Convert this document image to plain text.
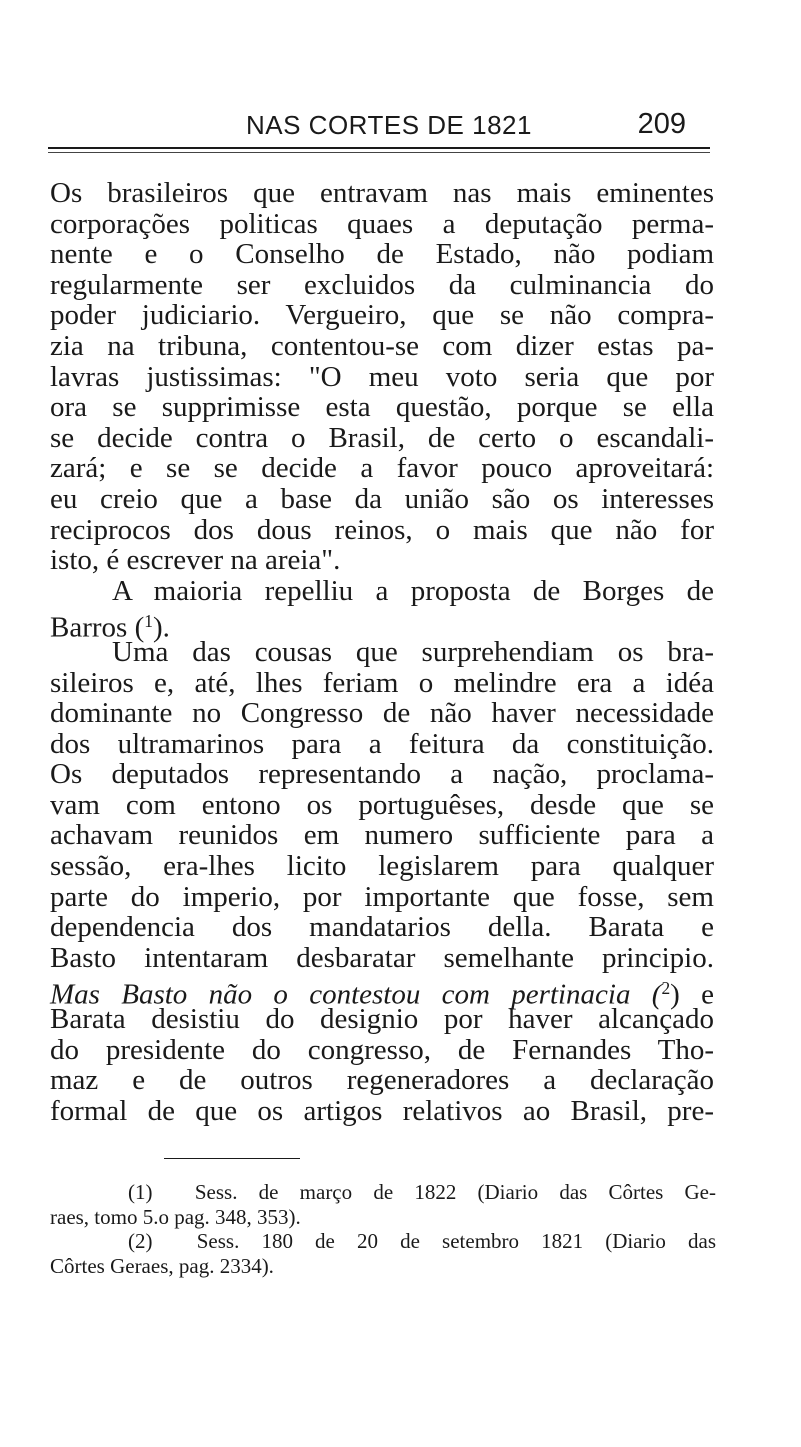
NAS CORTES DE 1821	209
Os brasileiros que entravam nas mais eminentes
corporações politicas quaes a deputação perma-
nente e o Conselho de Estado, não podiam
regularmente ser excluidos da culminancia do
poder judiciario. Vergueiro, que se não compra-
zia na tribuna, contentou-se com dizer estas pa-
lavras justissimas: "O meu voto seria que por
ora se supprimisse esta questão, porque se ella
se decide contra o Brasil, de certo o escandali-
zará; e se se decide a favor pouco aproveitará:
eu creio que a base da união são os interesses
reciprocos dos dous reinos, o mais que não for
isto, é escrever na areia".
A maioria repelliu a proposta de Borges de
Barros ($^1$).
Uma das cousas que surprehendiam os bra-
sileiros e, até, lhes feriam o melindre era a idéa
dominante no Congresso de não haver necessidade
dos ultramarinos para a feitura da constituição.
Os deputados representando a nação, proclama-
vam com entono os portuguêses, desde que se
achavam reunidos em numero sufficiente para a
sessão, era-lhes licito legislarem para qualquer
parte do imperio, por importante que fosse, sem
dependencia dos mandatarios della. Barata e
Basto intentaram desbaratar semelhante principio.
Mas Basto não o contestou com pertinacia ($^2$) e
Barata desistiu do designio por haver alcançado
do presidente do congresso, de Fernandes Tho-
maz e de outros regeneradores a declaração
formal de que os artigos relativos ao Brasil, pre-
(1) Sess. de março de 1822 (Diario das Côrtes Ge-
raes, tomo 5.o pag. 348, 353).
(2) Sess. 180 de 20 de setembro 1821 (Diario das
Côrtes Geraes, pag. 2334).
